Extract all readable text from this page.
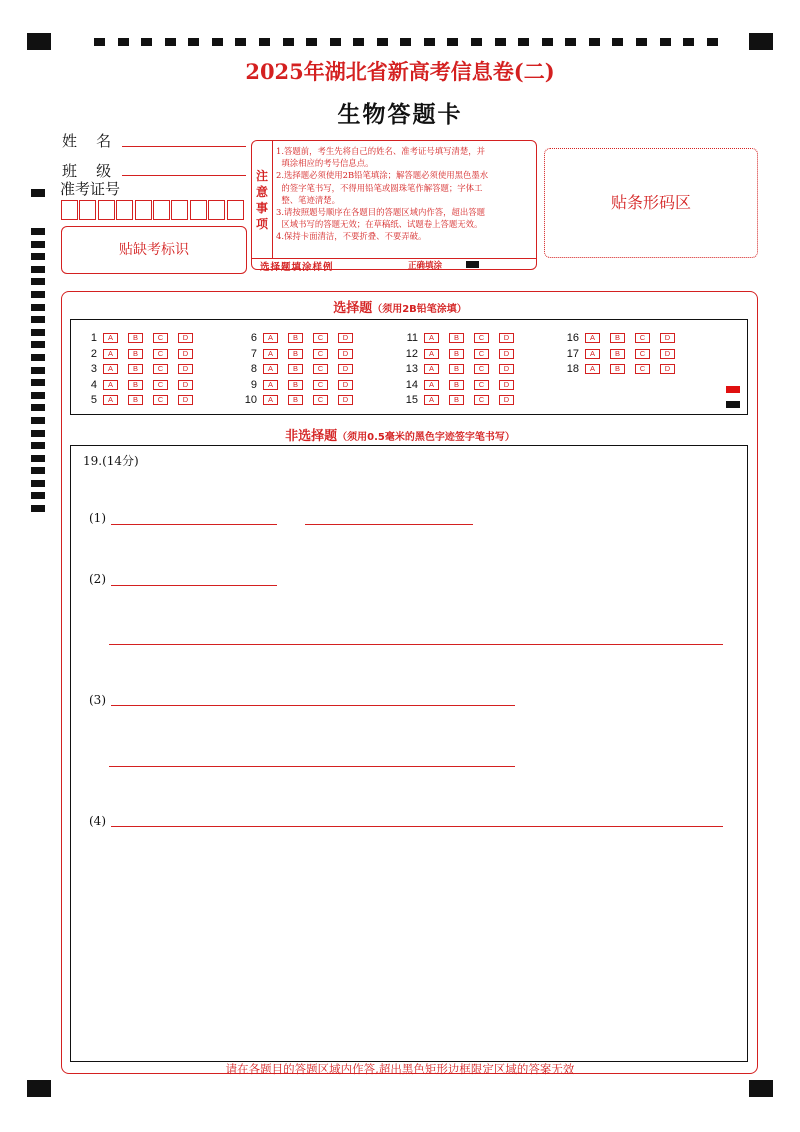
2025年湖北省新高考信息卷(二)
生物答题卡
姓    名
班    级
准考证号
贴缺考标识
注
意
事
项
1.答题前，考生先将自己的姓名、准考证号填写清楚，并
填涂相应的考号信息点。
2.选择题必须使用2B铅笔填涂；解答题必须使用黑色墨水
的签字笔书写，不得用铅笔或圆珠笔作解答题；字体工
整、笔迹清楚。
3.请按照题号顺序在各题目的答题区域内作答，超出答题
区域书写的答题无效；在草稿纸、试题卷上答题无效。
4.保持卡面清洁，不要折叠、不要弄破。
选择题填涂样例	正确填涂
贴条形码区
选择题（须用2B铅笔涂填）
1	A	B	C	D
2	A	B	C	D
3	A	B	C	D
4	A	B	C	D
5	A	B	C	D
6	A	B	C	D
7	A	B	C	D
8	A	B	C	D
9	A	B	C	D
10	A	B	C	D
11	A	B	C	D
12	A	B	C	D
13	A	B	C	D
14	A	B	C	D
15	A	B	C	D
16	A	B	C	D
17	A	B	C	D
18	A	B	C	D
非选择题（须用0.5毫米的黑色字迹签字笔书写）
19.(14分)
(1)
(2)
(3)
(4)
请在各题目的答题区域内作答,超出黑色矩形边框限定区域的答案无效
